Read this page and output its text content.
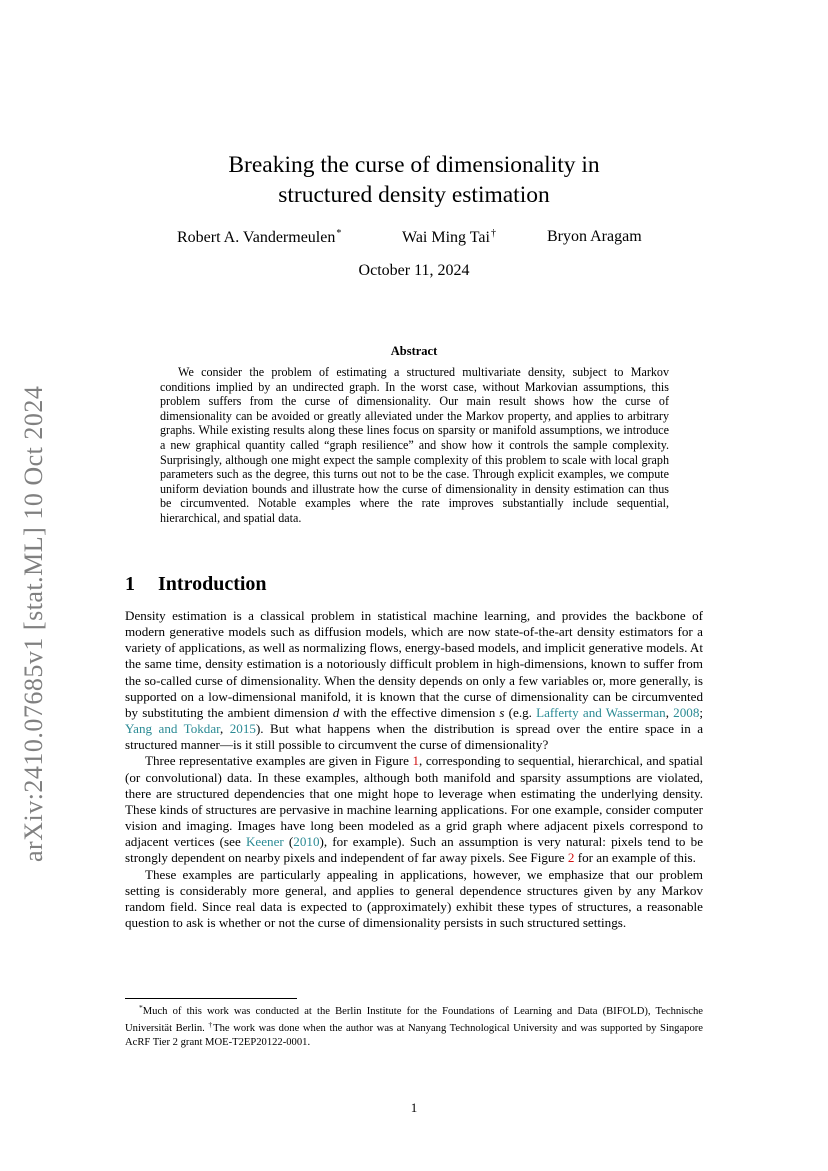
arXiv:2410.07685v1 [stat.ML] 10 Oct 2024
Breaking the curse of dimensionality in
structured density estimation
Robert A. Vandermeulen*	Wai Ming Tai†	Bryon Aragam
October 11, 2024
Abstract

We consider the problem of estimating a structured multivariate density, subject to Markov conditions implied by an undirected graph. In the worst case, without Markovian assumptions, this problem suffers from the curse of dimensionality. Our main result shows how the curse of dimensionality can be avoided or greatly alleviated under the Markov property, and applies to arbitrary graphs. While existing results along these lines focus on sparsity or manifold assumptions, we introduce a new graphical quantity called “graph resilience” and show how it controls the sample complexity. Surprisingly, although one might expect the sample complexity of this problem to scale with local graph parameters such as the degree, this turns out not to be the case. Through explicit examples, we compute uniform deviation bounds and illustrate how the curse of dimensionality in density estimation can thus be circumvented. Notable examples where the rate improves substantially include sequential, hierarchical, and spatial data.

1 Introduction

Density estimation is a classical problem in statistical machine learning, and provides the backbone of modern generative models such as diffusion models, which are now state-of-the-art density estimators for a variety of applications, as well as normalizing flows, energy-based models, and implicit generative models. At the same time, density estimation is a notoriously difficult problem in high-dimensions, known to suffer from the so-called curse of dimensionality. When the density depends on only a few variables or, more generally, is supported on a low-dimensional manifold, it is known that the curse of dimensionality can be circumvented by substituting the ambient dimension d with the effective dimension s (e.g. Lafferty and Wasserman, 2008; Yang and Tokdar, 2015). But what happens when the distribution is spread over the entire space in a structured manner—is it still possible to circumvent the curse of dimensionality?

Three representative examples are given in Figure 1, corresponding to sequential, hierarchical, and spatial (or convolutional) data. In these examples, although both manifold and sparsity assumptions are violated, there are structured dependencies that one might hope to leverage when estimating the underlying density. These kinds of structures are pervasive in machine learning applications. For one example, consider computer vision and imaging. Images have long been modeled as a grid graph where adjacent pixels correspond to adjacent vertices (see Keener (2010), for example). Such an assumption is very natural: pixels tend to be strongly dependent on nearby pixels and independent of far away pixels. See Figure 2 for an example of this.

These examples are particularly appealing in applications, however, we emphasize that our problem setting is considerably more general, and applies to general dependence structures given by any Markov random field. Since real data is expected to (approximately) exhibit these types of structures, a reasonable question to ask is whether or not the curse of dimensionality persists in such structured settings.

*Much of this work was conducted at the Berlin Institute for the Foundations of Learning and Data (BIFOLD), Technische Universität Berlin. †The work was done when the author was at Nanyang Technological University and was supported by Singapore AcRF Tier 2 grant MOE-T2EP20122-0001.

1
